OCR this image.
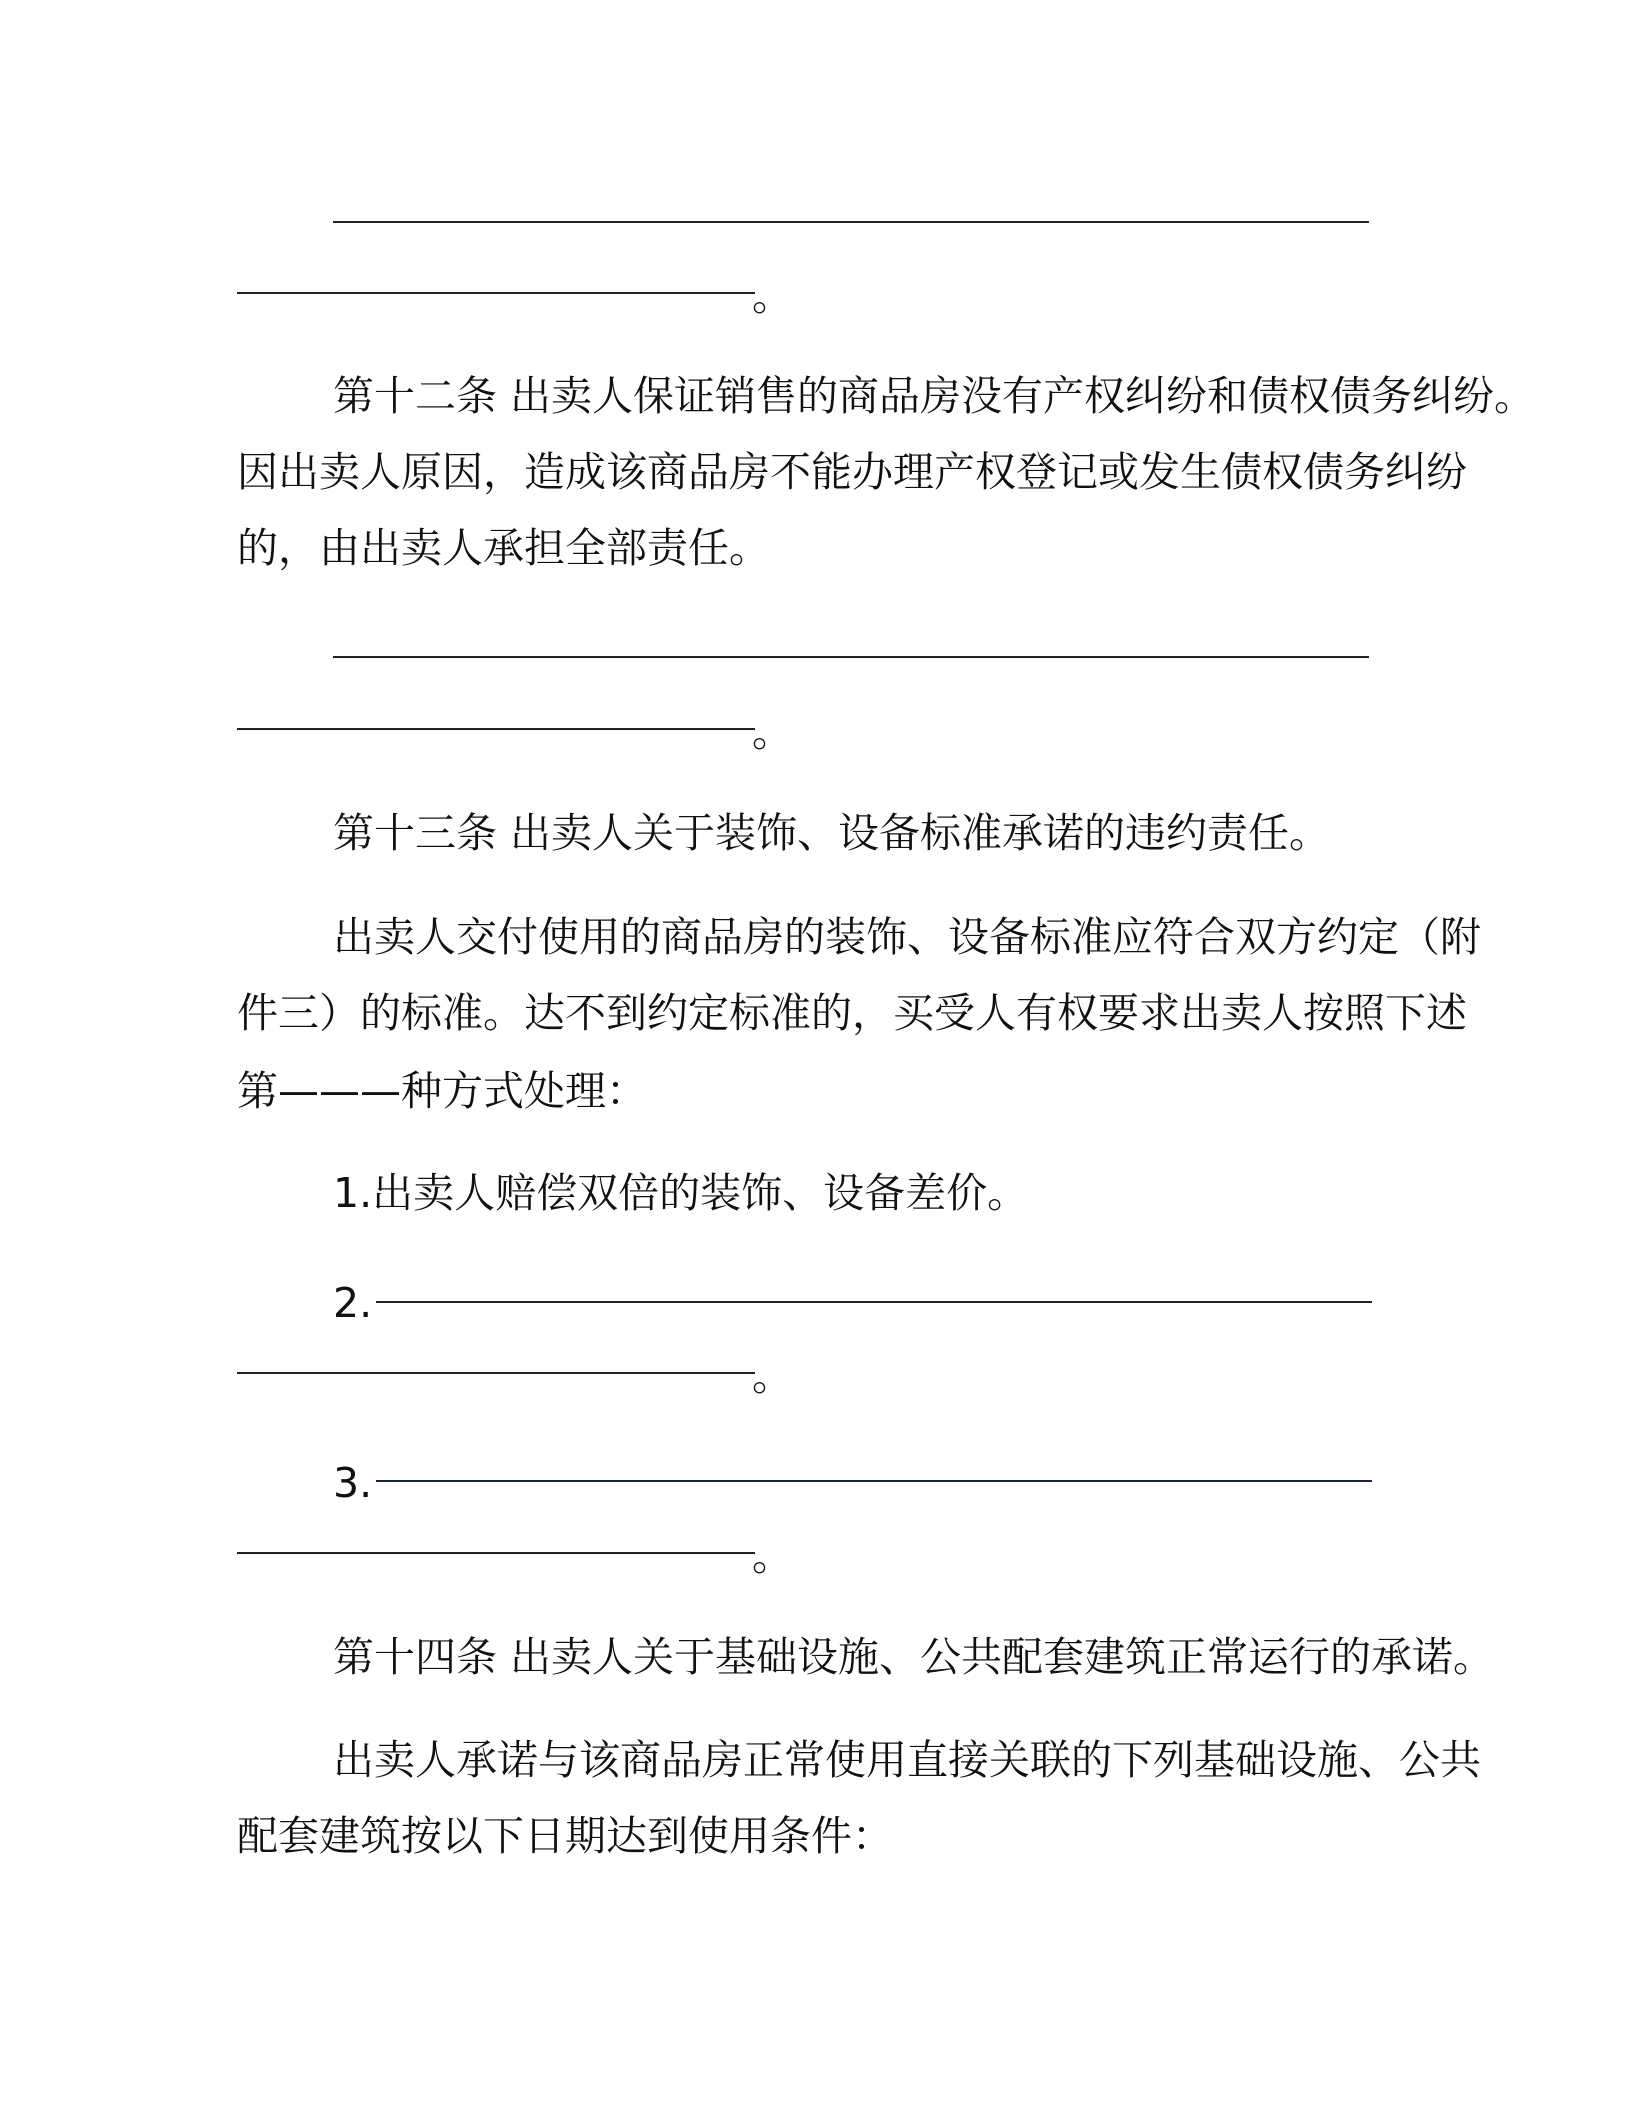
。
第十二条 出卖人保证销售的商品房没有产权纠纷和债权债务纠纷。
因出卖人原因，造成该商品房不能办理产权登记或发生债权债务纠纷
的，由出卖人承担全部责任。
。
第十三条 出卖人关于装饰、设备标准承诺的违约责任。
出卖人交付使用的商品房的装饰、设备标准应符合双方约定（附
件三）的标准。达不到约定标准的，买受人有权要求出卖人按照下述
第———种方式处理：
1.出卖人赔偿双倍的装饰、设备差价。
2.
。
3.
。
第十四条 出卖人关于基础设施、公共配套建筑正常运行的承诺。
出卖人承诺与该商品房正常使用直接关联的下列基础设施、公共
配套建筑按以下日期达到使用条件：
